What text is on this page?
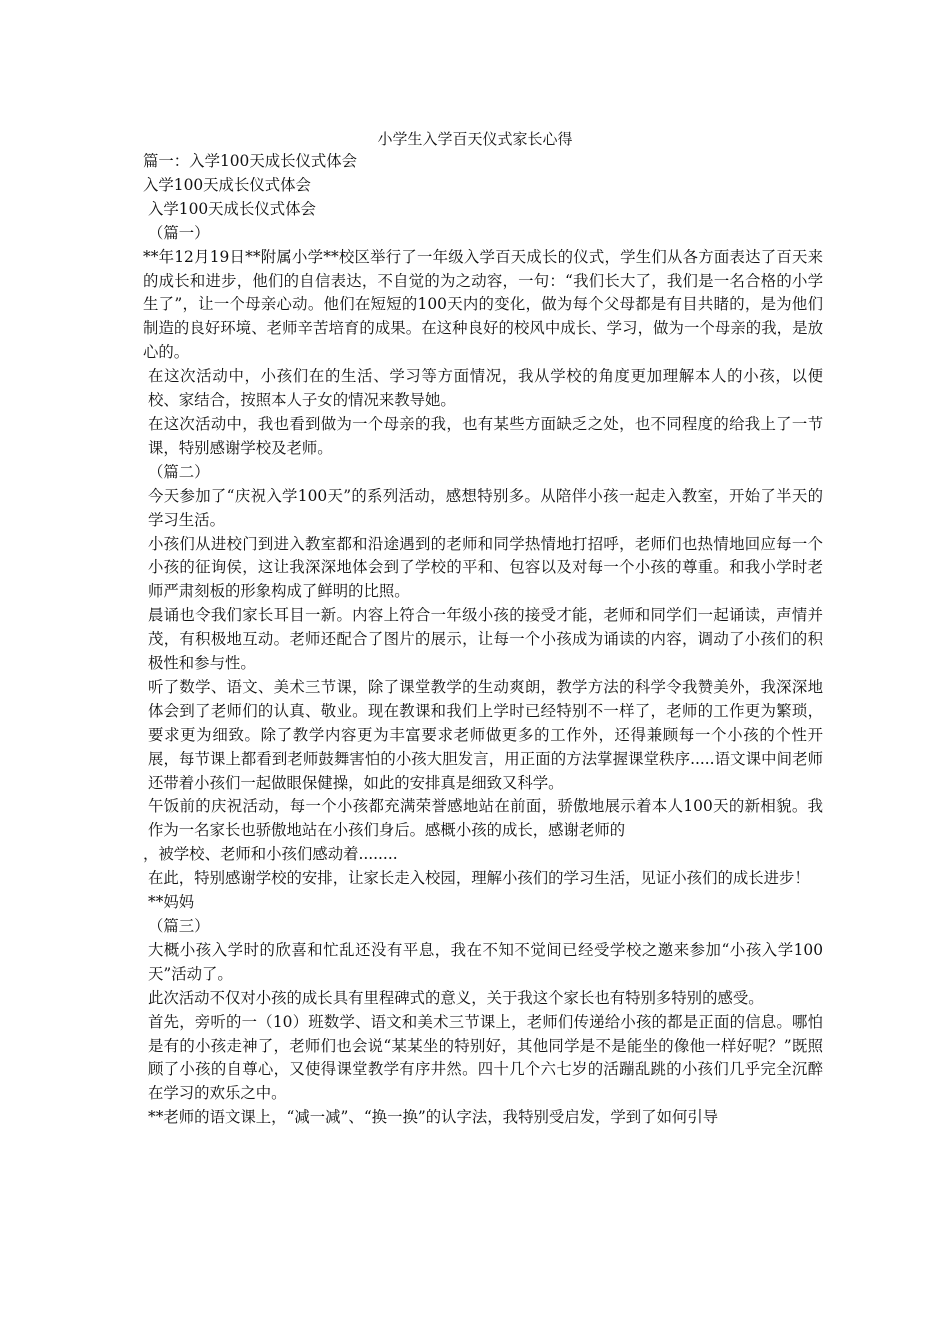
小学生入学百天仪式家长心得
篇一：入学100天成长仪式体会
入学100天成长仪式体会
入学100天成长仪式体会
（篇一）
**年12月19日**附属小学**校区举行了一年级入学百天成长的仪式，学生们从各方面表达了百天来的成长和进步，他们的自信表达，不自觉的为之动容，一句：“我们长大了，我们是一名合格的小学生了”，让一个母亲心动。他们在短短的100天内的变化，做为每个父母都是有目共睹的，是为他们制造的良好环境、老师辛苦培育的成果。在这种良好的校风中成长、学习，做为一个母亲的我，是放心的。
在这次活动中，小孩们在的生活、学习等方面情况，我从学校的角度更加理解本人的小孩，以便校、家结合，按照本人子女的情况来教导她。
在这次活动中，我也看到做为一个母亲的我，也有某些方面缺乏之处，也不同程度的给我上了一节课，特别感谢学校及老师。
（篇二）
今天参加了“庆祝入学100天”的系列活动，感想特别多。从陪伴小孩一起走入教室，开始了半天的学习生活。
小孩们从进校门到进入教室都和沿途遇到的老师和同学热情地打招呼，老师们也热情地回应每一个小孩的征询侯，这让我深深地体会到了学校的平和、包容以及对每一个小孩的尊重。和我小学时老师严肃刻板的形象构成了鲜明的比照。
晨诵也令我们家长耳目一新。内容上符合一年级小孩的接受才能，老师和同学们一起诵读，声情并茂，有积极地互动。老师还配合了图片的展示，让每一个小孩成为诵读的内容，调动了小孩们的积极性和参与性。
听了数学、语文、美术三节课，除了课堂教学的生动爽朗，教学方法的科学令我赞美外，我深深地体会到了老师们的认真、敬业。现在教课和我们上学时已经特别不一样了，老师的工作更为繁琐，要求更为细致。除了教学内容更为丰富要求老师做更多的工作外，还得兼顾每一个小孩的个性开展，每节课上都看到老师鼓舞害怕的小孩大胆发言，用正面的方法掌握课堂秩序.....语文课中间老师还带着小孩们一起做眼保健操，如此的安排真是细致又科学。
午饭前的庆祝活动，每一个小孩都充满荣誉感地站在前面，骄傲地展示着本人100天的新相貌。我作为一名家长也骄傲地站在小孩们身后。感概小孩的成长，感谢老师的
，被学校、老师和小孩们感动着........
在此，特别感谢学校的安排，让家长走入校园，理解小孩们的学习生活，见证小孩们的成长进步！
**妈妈
（篇三）
大概小孩入学时的欣喜和忙乱还没有平息，我在不知不觉间已经受学校之邀来参加“小孩入学100天”活动了。
此次活动不仅对小孩的成长具有里程碑式的意义，关于我这个家长也有特别多特别的感受。
首先，旁听的一（10）班数学、语文和美术三节课上，老师们传递给小孩的都是正面的信息。哪怕是有的小孩走神了，老师们也会说“某某坐的特别好，其他同学是不是能坐的像他一样好呢？”既照顾了小孩的自尊心，又使得课堂教学有序井然。四十几个六七岁的活蹦乱跳的小孩们几乎完全沉醉在学习的欢乐之中。
**老师的语文课上，“减一减”、“换一换”的认字法，我特别受启发，学到了如何引导
